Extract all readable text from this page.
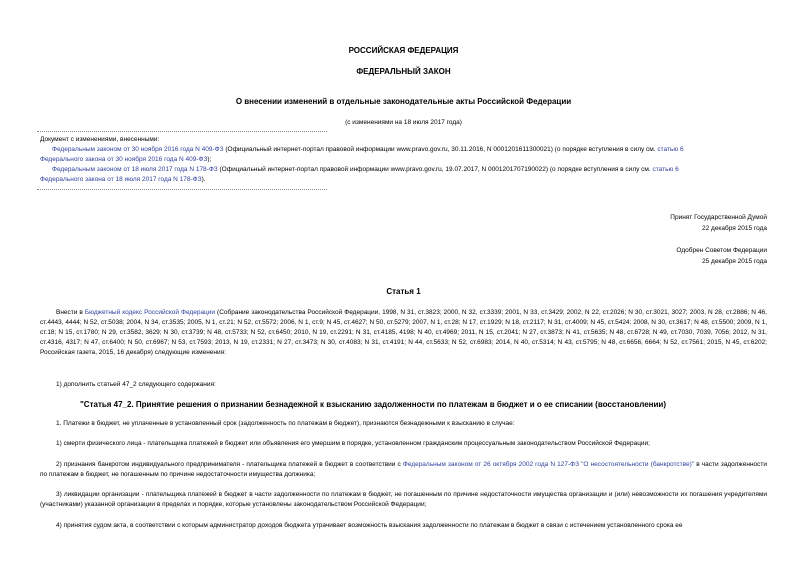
РОССИЙСКАЯ ФЕДЕРАЦИЯ
ФЕДЕРАЛЬНЫЙ ЗАКОН
О внесении изменений в отдельные законодательные акты Российской Федерации
(с изменениями на 18 июля 2017 года)

Документ с изменениями, внесенными:

Федеральным законом от 30 ноября 2016 года N 409-ФЗ (Официальный интернет-портал правовой информации www.pravo.gov.ru, 30.11.2016, N 0001201611300021) (о порядке вступления в силу см. статью 6

Федерального закона от 30 ноября 2016 года N 409-ФЗ);

Федеральным законом от 18 июля 2017 года N 178-ФЗ (Официальный интернет-портал правовой информации www.pravo.gov.ru, 19.07.2017, N 0001201707190022) (о порядке вступления в силу см. статью 6

Федерального закона от 18 июля 2017 года N 178-ФЗ).

Принят Государственной Думой
22 декабря 2015 года
Одобрен Советом Федерации
25 декабря 2015 года
Статья 1

Внести в Бюджетный кодекс Российской Федерации (Собрание законодательства Российской Федерации, 1998, N 31, ст.3823; 2000, N 32, ст.3339; 2001, N 33, ст.3429; 2002, N 22, ст.2026; N 30, ст.3021, 3027; 2003, N 28, ст.2886; N 46, ст.4443, 4444; N 52, ст.5038; 2004, N 34, ст.3535; 2005, N 1, ст.21; N 52, ст.5572; 2006, N 1, ст.9; N 45, ст.4627; N 50, ст.5279; 2007, N 1, ст.28; N 17, ст.1929; N 18, ст.2117; N 31, ст.4009; N 45, ст.5424; 2008, N 30, ст.3617; N 48, ст.5500; 2009, N 1, ст.18; N 15, ст.1780; N 29, ст.3582, 3629; N 30, ст.3739; N 48, ст.5733; N 52, ст.6450; 2010, N 19, ст.2291; N 31, ст.4185, 4198; N 40, ст.4969; 2011, N 15, ст.2041; N 27, ст.3873; N 41, ст.5635; N 48, ст.6728; N 49, ст.7030, 7039, 7056; 2012, N 31, ст.4316, 4317; N 47, ст.6400; N 50, ст.6967; N 53, ст.7593; 2013, N 19, ст.2331; N 27, ст.3473; N 30, ст.4083; N 31, ст.4191; N 44, ст.5633; N 52, ст.6983; 2014, N 40, ст.5314; N 43, ст.5795; N 48, ст.6656, 6664; N 52, ст.7561; 2015, N 45, ст.6202; Российская газета, 2015, 16 декабря) следующие изменения:

1) дополнить статьей 47_2 следующего содержания:

"Статья 47_2. Принятие решения о признании безнадежной к взысканию задолженности по платежам в бюджет и о ее списании (восстановлении)

1. Платежи в бюджет, не уплаченные в установленный срок (задолженность по платежам в бюджет), признаются безнадежными к взысканию в случае:

1) смерти физического лица - плательщика платежей в бюджет или объявления его умершим в порядке, установленном гражданским процессуальным законодательством Российской Федерации;

2) признания банкротом индивидуального предпринимателя - плательщика платежей в бюджет в соответствии с Федеральным законом от 26 октября 2002 года N 127-ФЗ "О несостоятельности (банкротстве)" в части задолженности по платежам в бюджет, не погашенным по причине недостаточности имущества должника;

3) ликвидации организации - плательщика платежей в бюджет в части задолженности по платежам в бюджет, не погашенным по причине недостаточности имущества организации и (или) невозможности их погашения учредителями (участниками) указанной организации в пределах и порядке, которые установлены законодательством Российской Федерации;

4) принятия судом акта, в соответствии с которым администратор доходов бюджета утрачивает возможность взыскания задолженности по платежам в бюджет в связи с истечением установленного срока ее
